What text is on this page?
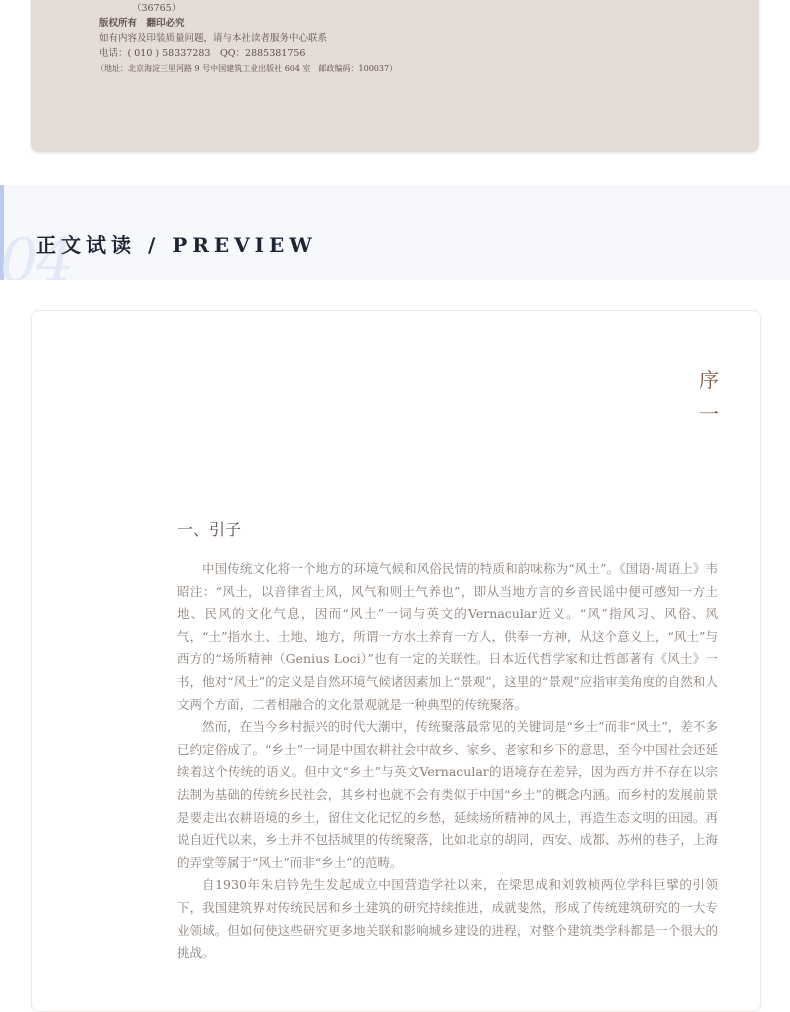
（36765）
版权所有　翻印必究
如有内容及印装质量问题，请与本社读者服务中心联系
电话：( 010 ) 58337283　QQ：2885381756
（地址：北京海淀三里河路 9 号中国建筑工业出版社 604 室　邮政编码：100037）
04
正文试读 / PREVIEW
序
一
一、引子

中国传统文化将一个地方的环境气候和风俗民情的特质和韵味称为“风土”。《国语·周语上》韦昭注：“风土，以音律省土风，风气和则土气养也”，即从当地方言的乡音民谣中便可感知一方土地、民风的文化气息，因而“风土”一词与英文的Vernacular近义。“风”指风习、风俗、风气，“土”指水土、土地、地方，所谓一方水土养育一方人，供奉一方神，从这个意义上，“风土”与西方的“场所精神（Genius Loci）”也有一定的关联性。日本近代哲学家和辻哲郎著有《风土》一书，他对“风土”的定义是自然环境气候诸因素加上“景观”，这里的“景观”应指审美角度的自然和人文两个方面，二者相融合的文化景观就是一种典型的传统聚落。

然而，在当今乡村振兴的时代大潮中，传统聚落最常见的关键词是“乡土”而非“风土”，差不多已约定俗成了。“乡土”一词是中国农耕社会中故乡、家乡、老家和乡下的意思，至今中国社会还延续着这个传统的语义。但中文“乡土”与英文Vernacular的语境存在差异，因为西方并不存在以宗法制为基础的传统乡民社会，其乡村也就不会有类似于中国“乡土”的概念内涵。而乡村的发展前景是要走出农耕语境的乡土，留住文化记忆的乡愁，延续场所精神的风土，再造生态文明的田园。再说自近代以来，乡土并不包括城里的传统聚落，比如北京的胡同，西安、成都、苏州的巷子，上海的弄堂等属于“风土”而非“乡土”的范畴。

自1930年朱启钤先生发起成立中国营造学社以来，在梁思成和刘敦桢两位学科巨擘的引领下，我国建筑界对传统民居和乡土建筑的研究持续推进，成就斐然，形成了传统建筑研究的一大专业领域。但如何使这些研究更多地关联和影响城乡建设的进程，对整个建筑类学科都是一个很大的挑战。
